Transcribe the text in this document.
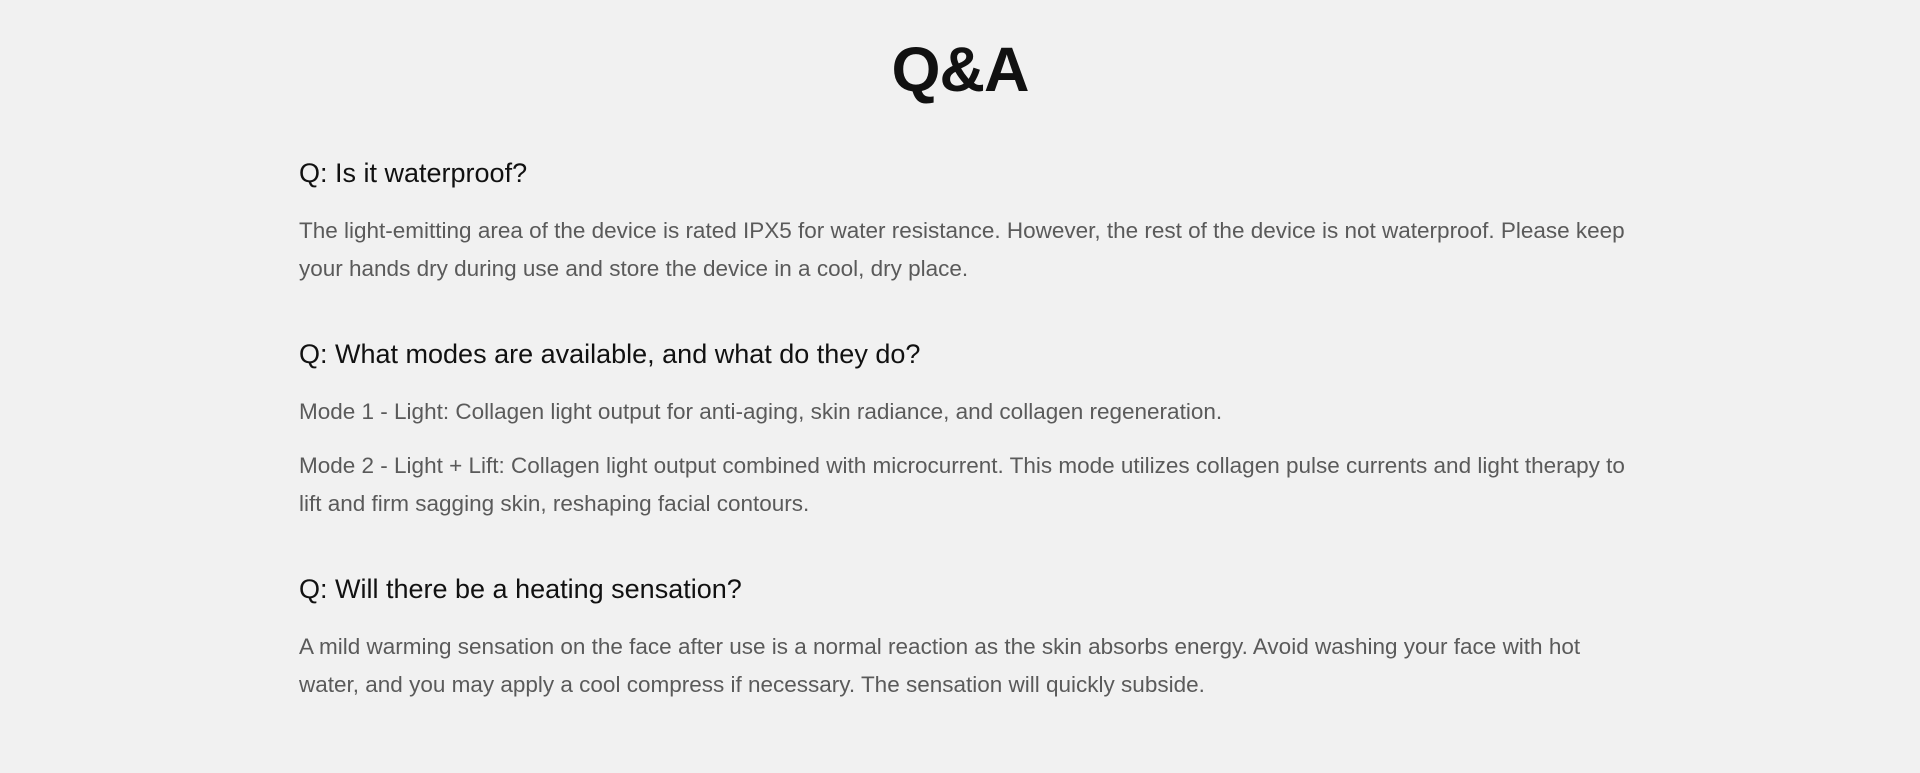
Q&A
Q: Is it waterproof?

The light-emitting area of the device is rated IPX5 for water resistance. However, the rest of the device is not waterproof. Please keep your hands dry during use and store the device in a cool, dry place.

Q: What modes are available, and what do they do?

Mode 1 - Light: Collagen light output for anti-aging, skin radiance, and collagen regeneration.

Mode 2 - Light + Lift: Collagen light output combined with microcurrent. This mode utilizes collagen pulse currents and light therapy to lift and firm sagging skin, reshaping facial contours.

Q: Will there be a heating sensation?

A mild warming sensation on the face after use is a normal reaction as the skin absorbs energy. Avoid washing your face with hot water, and you may apply a cool compress if necessary. The sensation will quickly subside.
